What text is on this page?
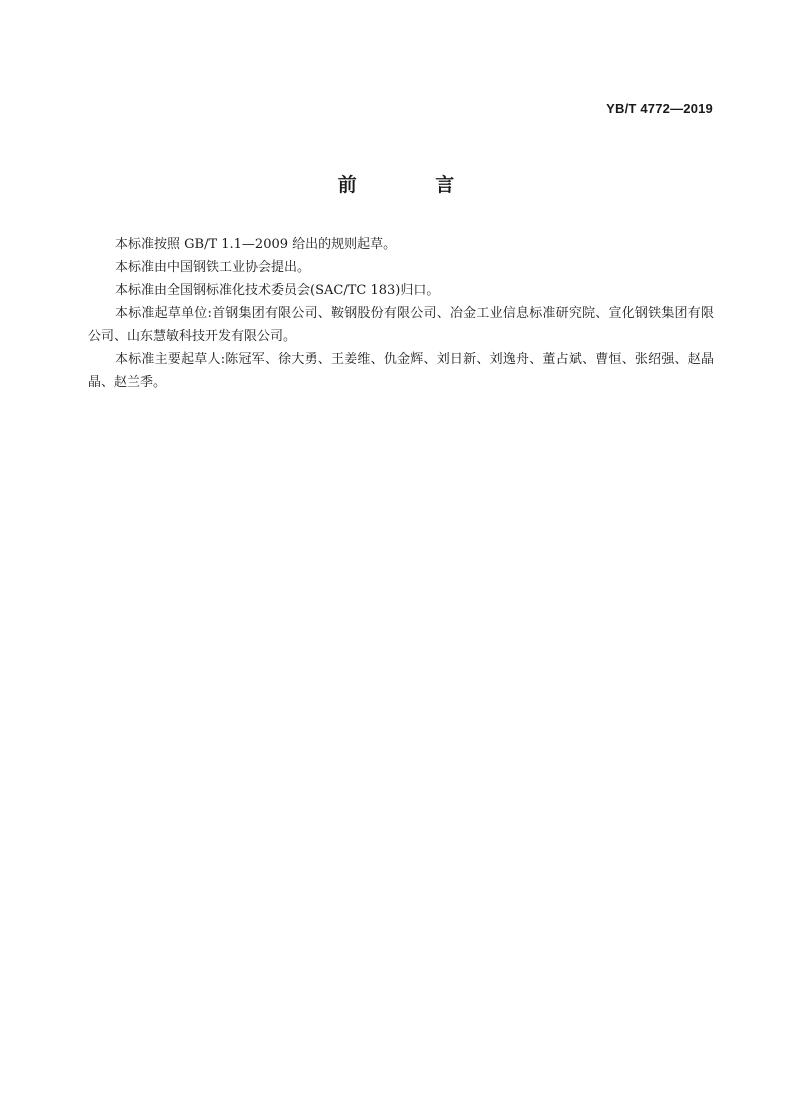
YB/T 4772—2019
前 言

本标准按照 GB/T 1.1—2009 给出的规则起草。

本标准由中国钢铁工业协会提出。

本标准由全国钢标准化技术委员会(SAC/TC 183)归口。

本标准起草单位:首钢集团有限公司、鞍钢股份有限公司、冶金工业信息标准研究院、宣化钢铁集团有限公司、山东慧敏科技开发有限公司。

本标准主要起草人:陈冠军、徐大勇、王姜维、仇金辉、刘日新、刘逸舟、董占斌、曹恒、张绍强、赵晶晶、赵兰季。
